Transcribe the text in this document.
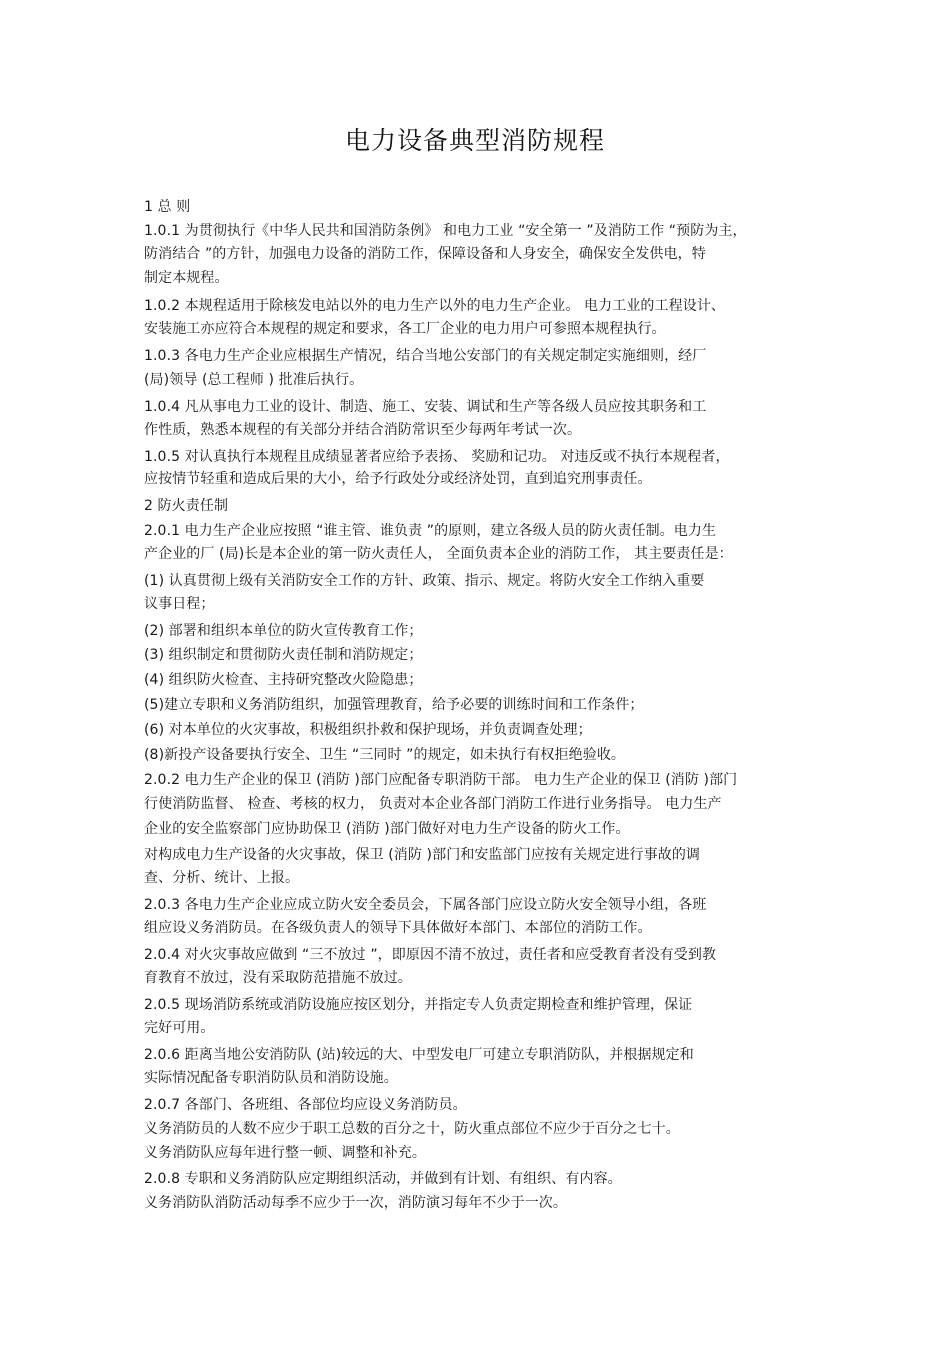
电力设备典型消防规程
1 总 则
1.0.1 为贯彻执行《中华人民共和国消防条例》 和电力工业 “安全第一 ”及消防工作 “预防为主，
防消结合 ”的方针，加强电力设备的消防工作，保障设备和人身安全，确保安全发供电，特
制定本规程。
1.0.2 本规程适用于除核发电站以外的电力生产以外的电力生产企业。 电力工业的工程设计、
安装施工亦应符合本规程的规定和要求，各工厂企业的电力用户可参照本规程执行。
1.0.3 各电力生产企业应根据生产情况，结合当地公安部门的有关规定制定实施细则，经厂
(局)领导 (总工程师 ) 批准后执行。
1.0.4 凡从事电力工业的设计、制造、施工、安装、调试和生产等各级人员应按其职务和工
作性质，熟悉本规程的有关部分并结合消防常识至少每两年考试一次。
1.0.5 对认真执行本规程且成绩显著者应给予表扬、 奖励和记功。 对违反或不执行本规程者，
应按情节轻重和造成后果的大小，给予行政处分或经济处罚，直到追究刑事责任。
2 防火责任制
2.0.1 电力生产企业应按照 “谁主管、谁负责 ”的原则，建立各级人员的防火责任制。电力生
产企业的厂 (局)长是本企业的第一防火责任人， 全面负责本企业的消防工作， 其主要责任是：
(1) 认真贯彻上级有关消防安全工作的方针、政策、指示、规定。将防火安全工作纳入重要
议事日程；
(2) 部署和组织本单位的防火宣传教育工作；
(3) 组织制定和贯彻防火责任制和消防规定；
(4) 组织防火检查、主持研究整改火险隐患；
(5)建立专职和义务消防组织，加强管理教育，给予必要的训练时间和工作条件；
(6) 对本单位的火灾事故，积极组织扑救和保护现场，并负责调查处理；
(8)新投产设备要执行安全、卫生 “三同时 ”的规定，如未执行有权拒绝验收。
2.0.2 电力生产企业的保卫 (消防 )部门应配备专职消防干部。 电力生产企业的保卫 (消防 )部门
行使消防监督、 检查、考核的权力， 负责对本企业各部门消防工作进行业务指导。 电力生产
企业的安全监察部门应协助保卫 (消防 )部门做好对电力生产设备的防火工作。
对构成电力生产设备的火灾事故，保卫 (消防 )部门和安监部门应按有关规定进行事故的调
查、分析、统计、上报。
2.0.3 各电力生产企业应成立防火安全委员会，下属各部门应设立防火安全领导小组，各班
组应设义务消防员。在各级负责人的领导下具体做好本部门、本部位的消防工作。
2.0.4 对火灾事故应做到 “三不放过 ”，即原因不清不放过，责任者和应受教育者没有受到教
育教育不放过，没有采取防范措施不放过。
2.0.5 现场消防系统或消防设施应按区划分，并指定专人负责定期检查和维护管理，保证
完好可用。
2.0.6 距离当地公安消防队 (站)较远的大、中型发电厂可建立专职消防队，并根据规定和
实际情况配备专职消防队员和消防设施。
2.0.7 各部门、各班组、各部位均应设义务消防员。
义务消防员的人数不应少于职工总数的百分之十，防火重点部位不应少于百分之七十。
义务消防队应每年进行整一顿、调整和补充。
2.0.8 专职和义务消防队应定期组织活动，并做到有计划、有组织、有内容。
义务消防队消防活动每季不应少于一次，消防演习每年不少于一次。
